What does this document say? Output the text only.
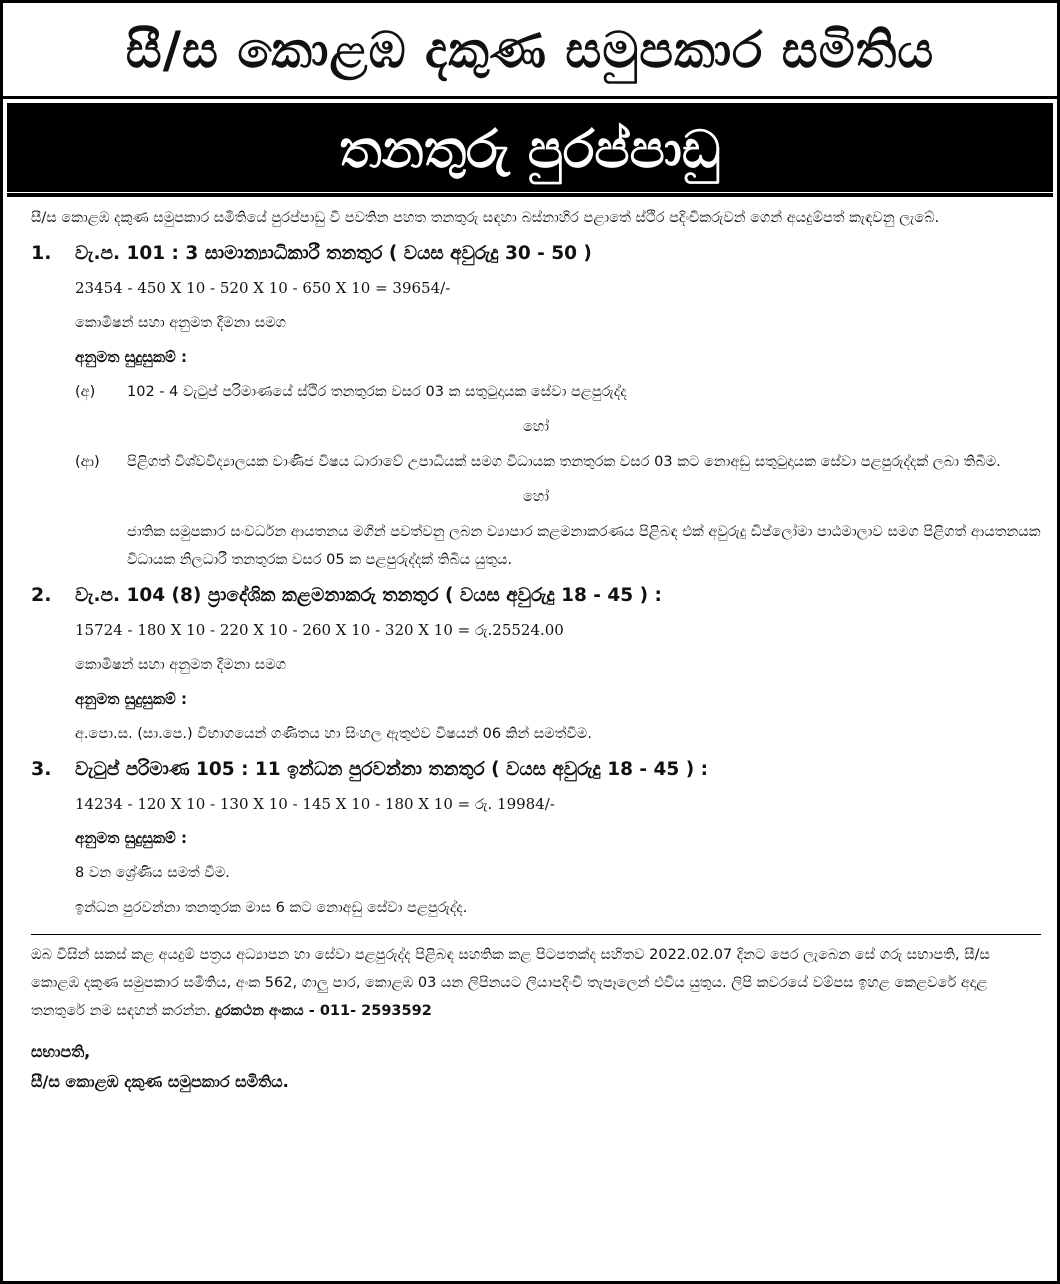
සී/ස කොළඹ දකුණ සමුපකාර සමිතිය
තනතුරු පුරප්පාඩු

සී/ස කොළඹ දකුණ සමුපකාර සමිතියේ පුරප්පාඩු වී පවතින පහත තනතුරු සඳහා බස්නාහිර පළාතේ ස්ථිර පදිංචිකරුවන් ගෙන් අයදුම්පත් කැඳවනු ලැබේ.

1.	වැ.ප. 101 : 3 සාමාන්‍යාධිකාරී තනතුර ( වයස අවුරුදු 30 - 50 )
23454 - 450 X 10 - 520 X 10 - 650 X 10 = 39654/-
කොමිෂන් සහා අනුමත දීමනා සමග
අනුමත සුදුසුකම් :
(අ)	102 - 4 වැටුප් පරිමාණයේ ස්ථිර තනතුරක වසර 03 ක සතුටුදායක සේවා පළපුරුද්ද
හෝ
(ආ)	පිළිගත් විශ්වවිද්‍යාලයක වාණිජ විෂය ධාරාවේ උපාධියක් සමග විධායක තනතුරක වසර 03 කට නොඅඩු සතුටුදායක සේවා පළපුරුද්දක් ලබා තිබීම.
හෝ
ජාතික සමුපකාර සංවර්ධන ආයතනය මගින් පවත්වනු ලබන ව්‍යාපාර කළමනාකරණය පිළිබඳ එක් අවුරුදු ඩිප්ලෝමා පාඨමාලාව සමග පිළිගත් ආයතනයක විධායක නිලධාරී තනතුරක වසර 05 ක පළපුරුද්දක් තිබිය යුතුය.
2.	වැ.ප. 104 (8) ප්‍රාදේශික කළමනාකරු තනතුර ( වයස අවුරුදු 18 - 45 ) :
15724 - 180 X 10 - 220 X 10 - 260 X 10 - 320 X 10 = රු.25524.00
කොමිෂන් සහා අනුමත දීමනා සමග
අනුමත සුදුසුකම් :
අ.පො.ස. (සා.පෙ.) විභාගයෙන් ගණිතය හා සිංහල ඇතුළුව විෂයන් 06 කින් සමත්වීම.
3.	වැටුප් පරිමාණ 105 : 11 ඉන්ධන පුරවන්නා තනතුර ( වයස අවුරුදු 18 - 45 ) :
14234 - 120 X 10 - 130 X 10 - 145 X 10 - 180 X 10 = රු. 19984/-
අනුමත සුදුසුකම් :
8 වන ශ්‍රේණිය සමත් වීම.
ඉන්ධන පුරවන්නා තනතුරක මාස 6 කට නොඅඩු සේවා පළපුරුද්ද.
ඔබ විසින් සකස් කළ අයදුම් පත්‍රය අධ්‍යාපන හා සේවා පළපුරුද්ද පිළිබඳ සහතික කළ පිටපතක්ද සහිතව 2022.02.07 දිනට පෙර ලැබෙන සේ ගරු සභාපති, සී/ස කොළඹ දකුණ සමුපකාර සමිතිය, අංක 562, ගාලු පාර, කොළඹ 03 යන ලිපිනයට ලියාපදිංචි තැපෑලෙන් එවිය යුතුය. ලිපි කවරයේ වම්පස ඉහළ කෙළවරේ අදාළ තනතුරේ නම සඳහන් කරන්න. දුරකථන අංකය - 011- 2593592
සභාපති,
සී/ස කොළඹ දකුණ සමුපකාර සමිතිය.
